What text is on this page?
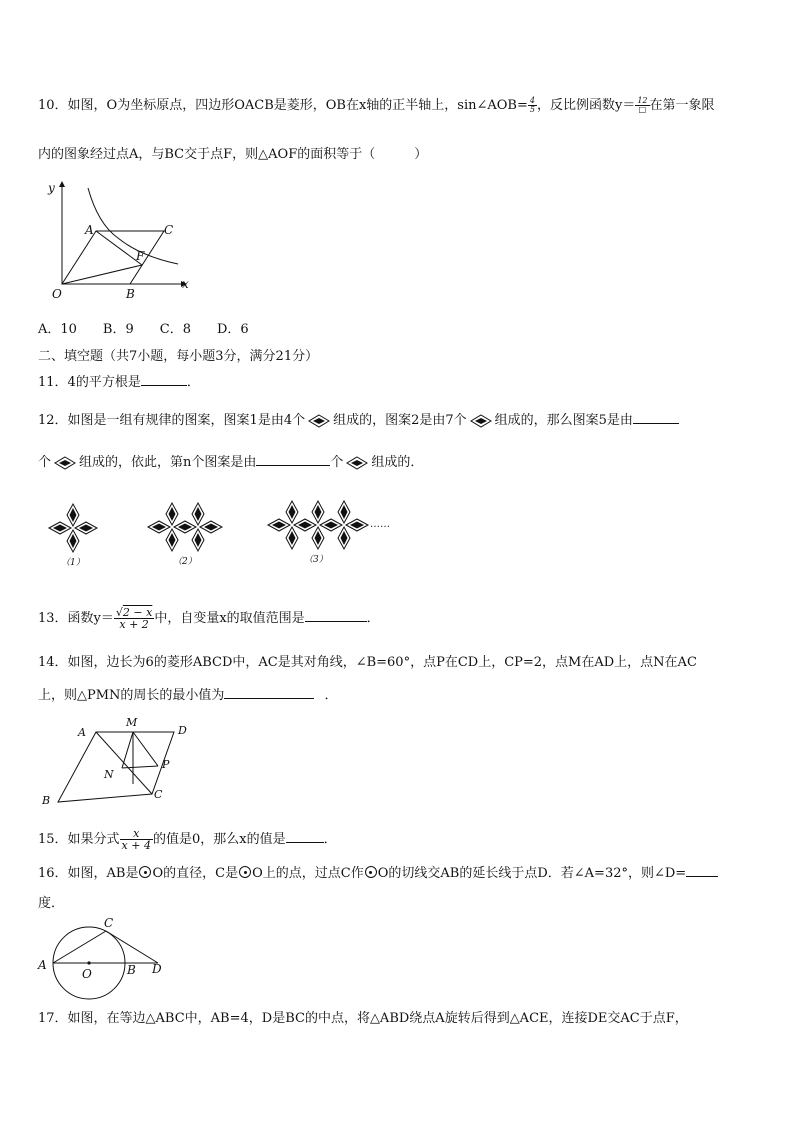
10．如图，O为坐标原点，四边形OACB是菱形，OB在x轴的正半轴上，sin∠AOB= $\frac{4}{5}$ ，反比例函数$y= \frac{12}{□}$ 在第一象限
内的图象经过点A，与BC交于点F，则△AOF的面积等于（　　　）
y
x
O
A
B
C
F
A．10　　B．9　　C．8　　D．6
二、填空题（共7小题，每小题3分，满分21分）
11．4的平方根是	．
12．如图是一组有规律的图案，图案1是由4个 组成的，图案2是由7个 组成的，那么图案5是由
个 组成的，依此，第n个图案是由	个 组成的．
（1）	（2）	（3）
……
13．函数$y= \frac{√2 - x}{x + 2}$ 中，自变量x的取值范围是	．
14．如图，边长为6的菱形ABCD中，AC是其对角线，∠B=60°，点P在CD上，CP=2，点M在AD上，点N在AC
上，则△PMN的周长的最小值为	．
A
M
D
N
P
C
B
15．如果分式 $\frac{x}{x + 4}$ 的值是0，那么x的值是	．
16．如图，AB是 O的直径，C是 O上的点，过点C作 O的切线交AB的延长线于点D．若∠A=32°，则∠D=
度．
A
O	B
C
D
17．如图，在等边△ABC中，AB=4，D是BC的中点，将△ABD绕点A旋转后得到△ACE，连接DE交AC于点F，
